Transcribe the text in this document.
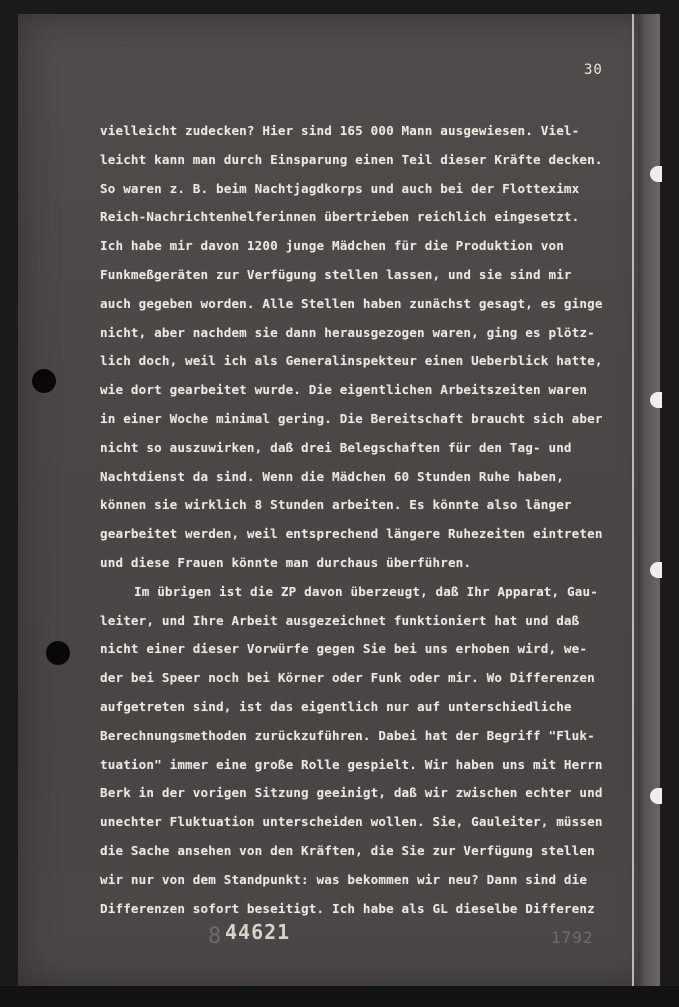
30
vielleicht zudecken? Hier sind 165 000 Mann ausgewiesen. Viel-
leicht kann man durch Einsparung einen Teil dieser Kräfte decken.
So waren z. B. beim Nachtjagdkorps und auch bei der Flotteximx
Reich-Nachrichtenhelferinnen übertrieben reichlich eingesetzt.
Ich habe mir davon 1200 junge Mädchen für die Produktion von
Funkmeßgeräten zur Verfügung stellen lassen, und sie sind mir
auch gegeben worden. Alle Stellen haben zunächst gesagt, es ginge
nicht, aber nachdem sie dann herausgezogen waren, ging es plötz-
lich doch, weil ich als Generalinspekteur einen Ueberblick hatte,
wie dort gearbeitet wurde. Die eigentlichen Arbeitszeiten waren
in einer Woche minimal gering. Die Bereitschaft braucht sich aber
nicht so auszuwirken, daß drei Belegschaften für den Tag- und
Nachtdienst da sind. Wenn die Mädchen 60 Stunden Ruhe haben,
können sie wirklich 8 Stunden arbeiten. Es könnte also länger
gearbeitet werden, weil entsprechend längere Ruhezeiten eintreten
und diese Frauen könnte man durchaus überführen.
Im übrigen ist die ZP davon überzeugt, daß Ihr Apparat, Gau-
leiter, und Ihre Arbeit ausgezeichnet funktioniert hat und daß
nicht einer dieser Vorwürfe gegen Sie bei uns erhoben wird, we-
der bei Speer noch bei Körner oder Funk oder mir. Wo Differenzen
aufgetreten sind, ist das eigentlich nur auf unterschiedliche
Berechnungsmethoden zurückzuführen. Dabei hat der Begriff "Fluk-
tuation" immer eine große Rolle gespielt. Wir haben uns mit Herrn
Berk in der vorigen Sitzung geeinigt, daß wir zwischen echter und
unechter Fluktuation unterscheiden wollen. Sie, Gauleiter, müssen
die Sache ansehen von den Kräften, die Sie zur Verfügung stellen
wir nur von dem Standpunkt: was bekommen wir neu? Dann sind die
Differenzen sofort beseitigt. Ich habe als GL dieselbe Differenz
8 44621	1792
